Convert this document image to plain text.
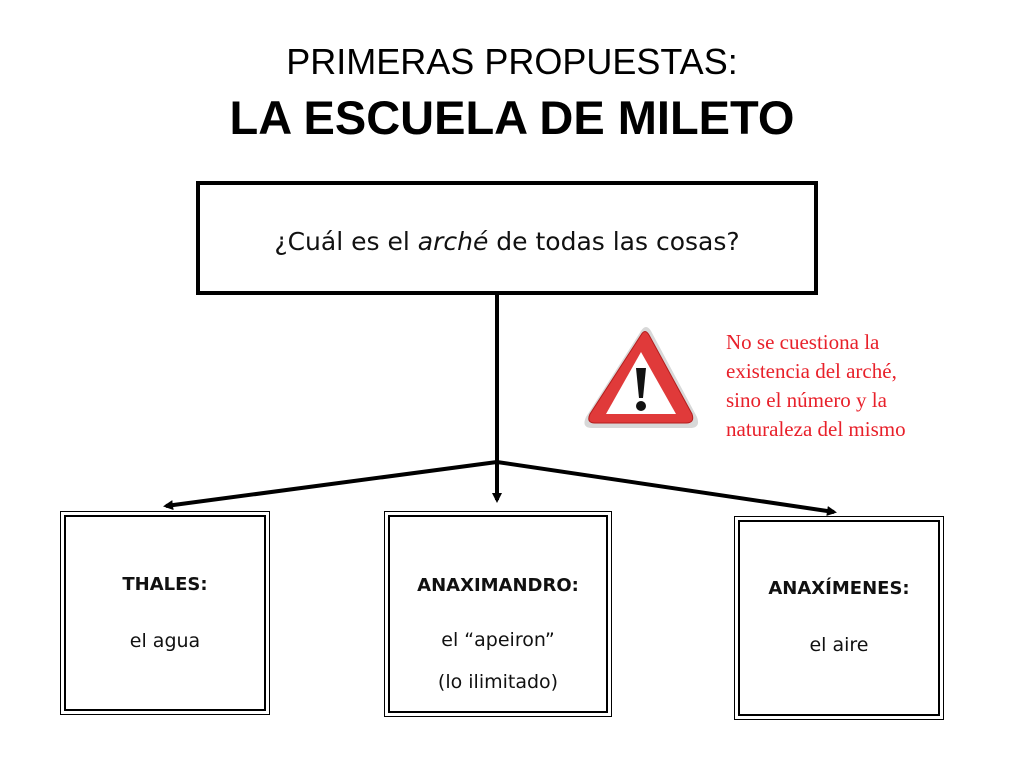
PRIMERAS PROPUESTAS:
LA ESCUELA DE MILETO
¿Cuál es el arché de todas las cosas?
No se cuestiona la
existencia del arché,
sino el número y la
naturaleza del mismo
THALES:
el agua
ANAXIMANDRO:
el “apeiron”
(lo ilimitado)
ANAXÍMENES:
el aire
